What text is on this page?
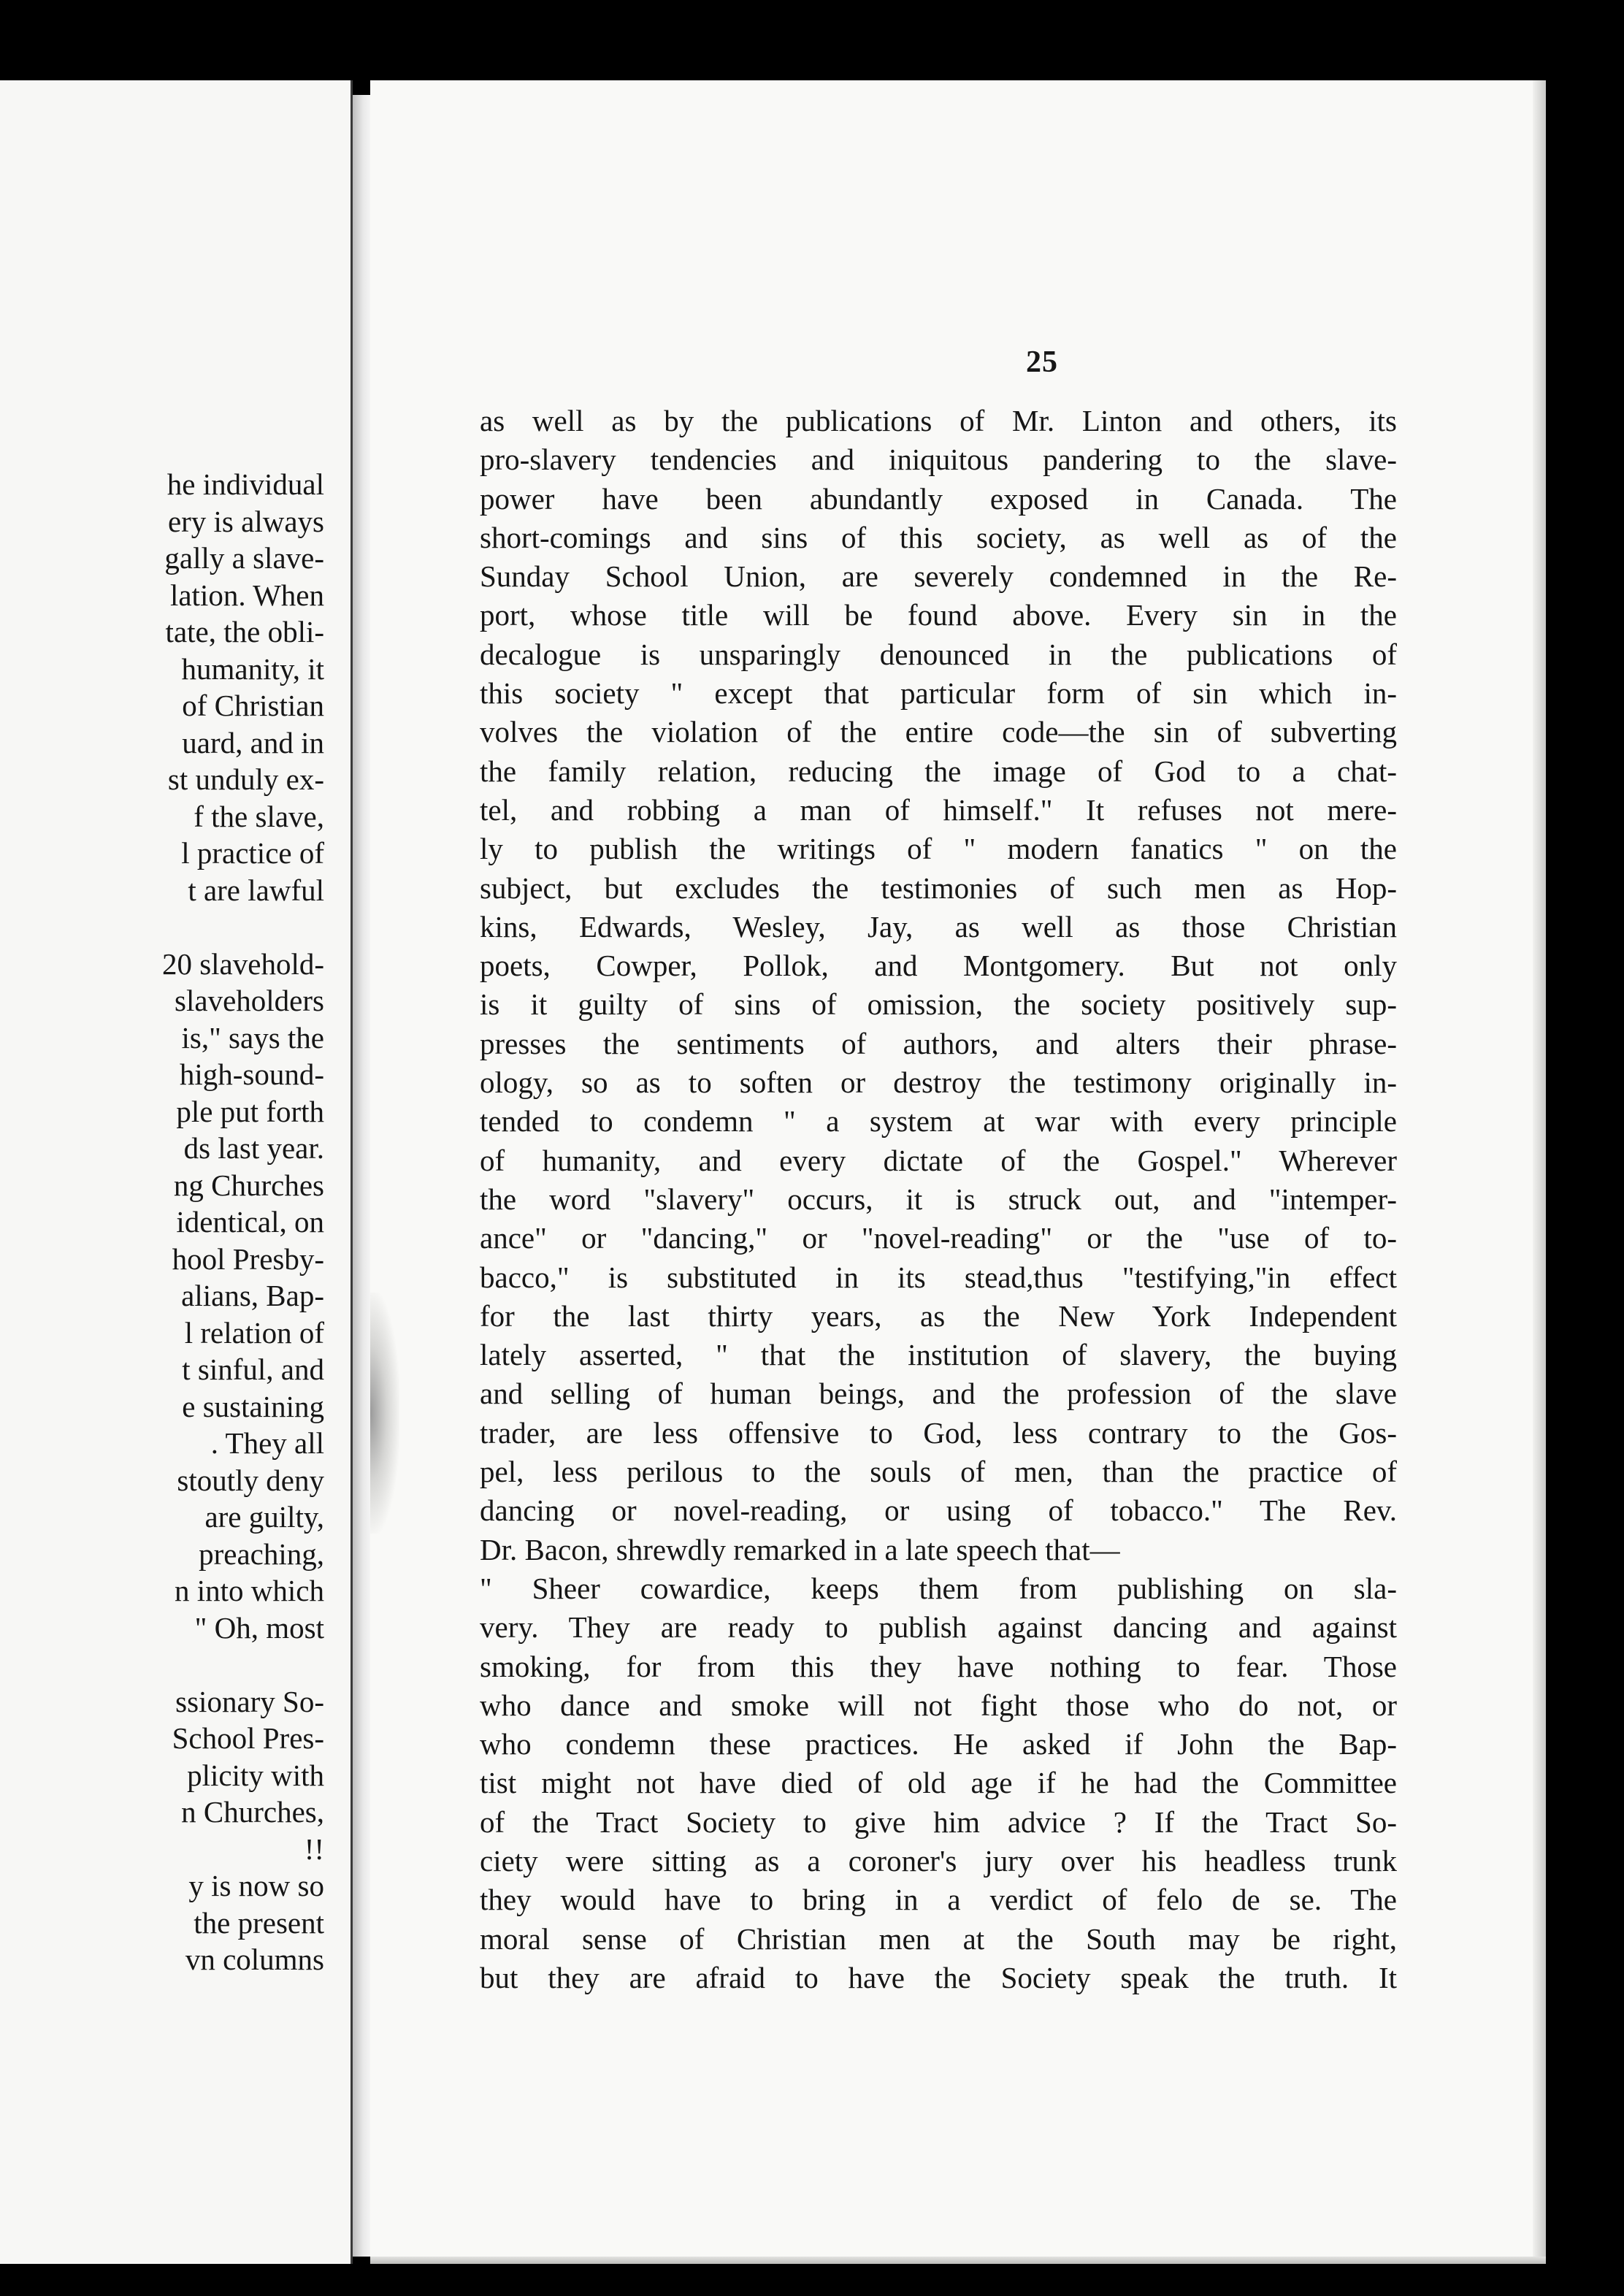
he individual
ery is always
gally a slave-
lation. When
tate, the obli-
humanity, it
of Christian
uard, and in
st unduly ex-
f the slave,
l practice of
t are lawful
20 slavehold-
slaveholders
is," says the
high-sound-
ple put forth
ds last year.
ng Churches
identical, on
hool Presby-
alians, Bap-
l relation of
t sinful, and
e sustaining
. They all
stoutly deny
are guilty,
preaching,
n into which
" Oh, most
ssionary So-
School Pres-
plicity with
n Churches,
!!
y is now so
the present
vn columns
25
as well as by the publications of Mr. Linton and others, its
pro-slavery tendencies and iniquitous pandering to the slave-
power have been abundantly exposed in Canada. The
short-comings and sins of this society, as well as of the
Sunday School Union, are severely condemned in the Re-
port, whose title will be found above. Every sin in the
decalogue is unsparingly denounced in the publications of
this society " except that particular form of sin which in-
volves the violation of the entire code—the sin of subverting
the family relation, reducing the image of God to a chat-
tel, and robbing a man of himself." It refuses not mere-
ly to publish the writings of " modern fanatics " on the
subject, but excludes the testimonies of such men as Hop-
kins, Edwards, Wesley, Jay, as well as those Christian
poets, Cowper, Pollok, and Montgomery. But not only
is it guilty of sins of omission, the society positively sup-
presses the sentiments of authors, and alters their phrase-
ology, so as to soften or destroy the testimony originally in-
tended to condemn " a system at war with every principle
of humanity, and every dictate of the Gospel." Wherever
the word "slavery" occurs, it is struck out, and "intemper-
ance" or "dancing," or "novel-reading" or the "use of to-
bacco," is substituted in its stead,thus "testifying,"in effect
for the last thirty years, as the New York Independent
lately asserted, " that the institution of slavery, the buying
and selling of human beings, and the profession of the slave
trader, are less offensive to God, less contrary to the Gos-
pel, less perilous to the souls of men, than the practice of
dancing or novel-reading, or using of tobacco." The Rev.
Dr. Bacon, shrewdly remarked in a late speech that—
" Sheer cowardice, keeps them from publishing on sla-
very. They are ready to publish against dancing and against
smoking, for from this they have nothing to fear. Those
who dance and smoke will not fight those who do not, or
who condemn these practices. He asked if John the Bap-
tist might not have died of old age if he had the Committee
of the Tract Society to give him advice ? If the Tract So-
ciety were sitting as a coroner's jury over his headless trunk
they would have to bring in a verdict of felo de se. The
moral sense of Christian men at the South may be right,
but they are afraid to have the Society speak the truth. It
